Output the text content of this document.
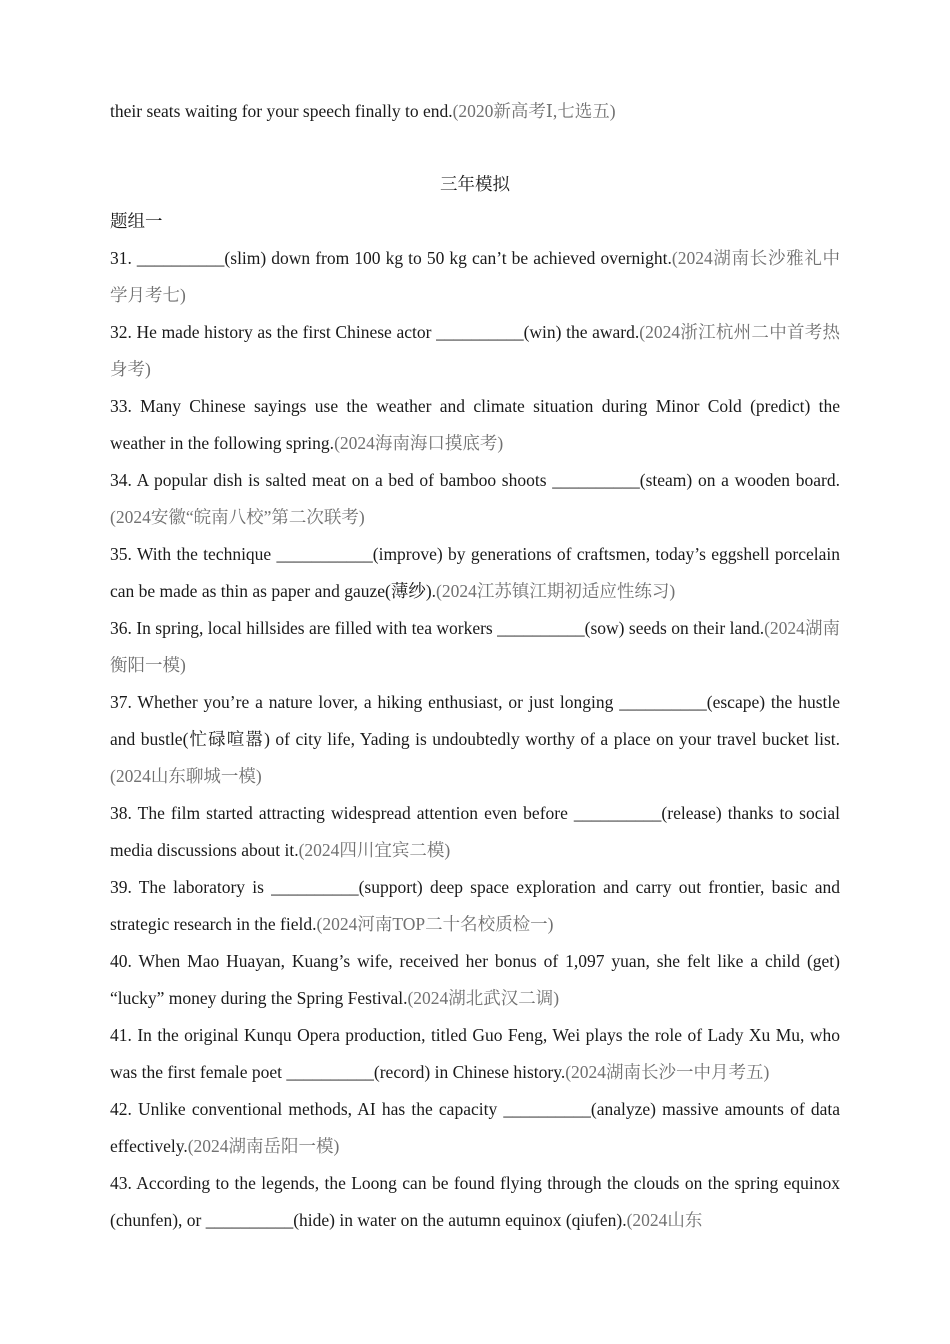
their seats waiting for your speech finally to end.(2020新高考Ⅰ,七选五)

三年模拟

题组一

31. __________(slim) down from 100 kg to 50 kg can’t be achieved overnight.(2024湖南长沙雅礼中学月考七)

32. He made history as the first Chinese actor __________(win) the award.(2024浙江杭州二中首考热身考)

33. Many Chinese sayings use the weather and climate situation during Minor Cold (predict) the weather in the following spring.(2024海南海口摸底考)

34. A popular dish is salted meat on a bed of bamboo shoots __________(steam) on a wooden board.(2024安徽“皖南八校”第二次联考)

35. With the technique ___________(improve) by generations of craftsmen, today’s eggshell porcelain can be made as thin as paper and gauze(薄纱).(2024江苏镇江期初适应性练习)

36. In spring, local hillsides are filled with tea workers __________(sow) seeds on their land.(2024湖南衡阳一模)

37. Whether you’re a nature lover, a hiking enthusiast, or just longing __________(escape) the hustle and bustle(忙碌喧嚣) of city life, Yading is undoubtedly worthy of a place on your travel bucket list.(2024山东聊城一模)

38. The film started attracting widespread attention even before __________(release) thanks to social media discussions about it.(2024四川宜宾二模)

39. The laboratory is __________(support) deep space exploration and carry out frontier, basic and strategic research in the field.(2024河南TOP二十名校质检一)

40. When Mao Huayan, Kuang’s wife, received her bonus of 1,097 yuan, she felt like a child (get) “lucky” money during the Spring Festival.(2024湖北武汉二调)

41. In the original Kunqu Opera production, titled Guo Feng, Wei plays the role of Lady Xu Mu, who was the first female poet __________(record) in Chinese history.(2024湖南长沙一中月考五)

42. Unlike conventional methods, AI has the capacity __________(analyze) massive amounts of data effectively.(2024湖南岳阳一模)

43. According to the legends, the Loong can be found flying through the clouds on the spring equinox (chunfen), or __________(hide) in water on the autumn equinox (qiufen).(2024山东
